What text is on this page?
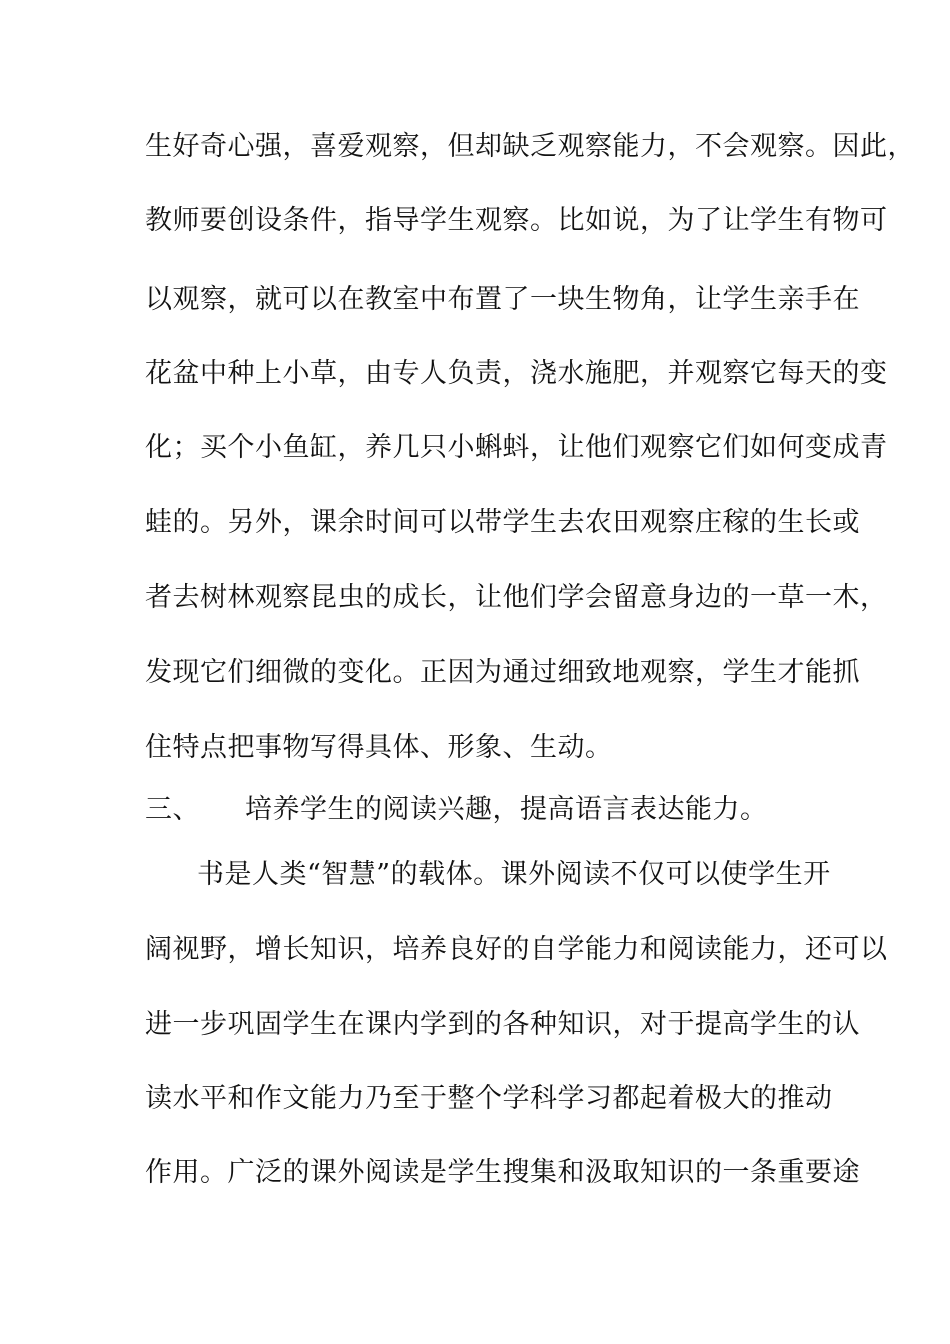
生好奇心强，喜爱观察，但却缺乏观察能力，不会观察。因此，
教师要创设条件，指导学生观察。比如说，为了让学生有物可
以观察，就可以在教室中布置了一块生物角，让学生亲手在
花盆中种上小草，由专人负责，浇水施肥，并观察它每天的变
化；买个小鱼缸，养几只小蝌蚪，让他们观察它们如何变成青
蛙的。另外，课余时间可以带学生去农田观察庄稼的生长或
者去树林观察昆虫的成长，让他们学会留意身边的一草一木，
发现它们细微的变化。正因为通过细致地观察，学生才能抓
住特点把事物写得具体、形象、生动。
三、 培养学生的阅读兴趣，提高语言表达能力。
书是人类“智慧”的载体。课外阅读不仅可以使学生开
阔视野，增长知识，培养良好的自学能力和阅读能力，还可以
进一步巩固学生在课内学到的各种知识，对于提高学生的认
读水平和作文能力乃至于整个学科学习都起着极大的推动
作用。广泛的课外阅读是学生搜集和汲取知识的一条重要途
